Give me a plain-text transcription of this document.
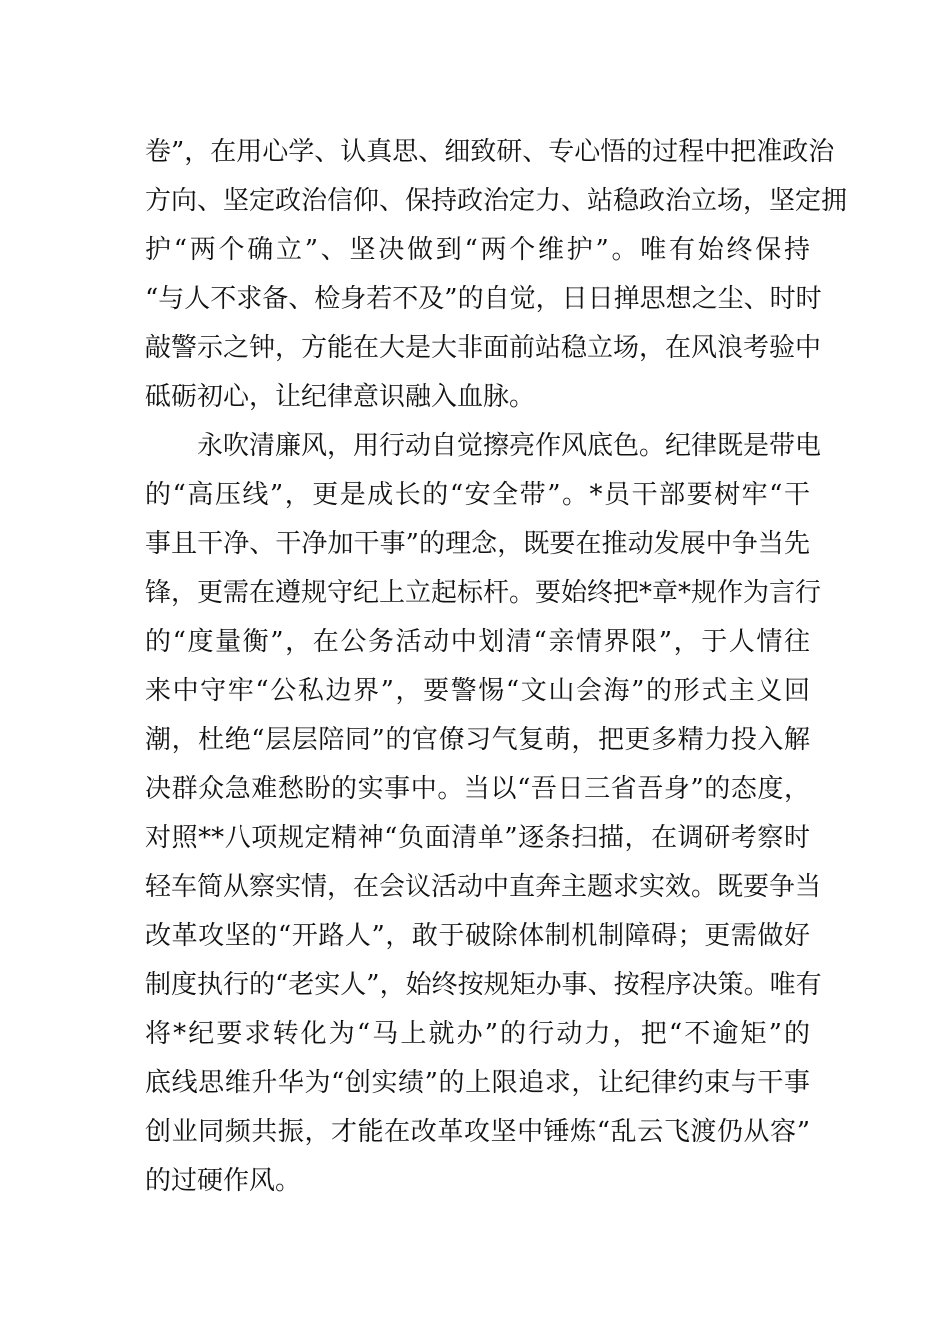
卷”，在用心学、认真思、细致研、专心悟的过程中把准政治
方向、坚定政治信仰、保持政治定力、站稳政治立场，坚定拥
护“两个确立”、坚决做到“两个维护”。唯有始终保持
“与人不求备、检身若不及”的自觉，日日掸思想之尘、时时
敲警示之钟，方能在大是大非面前站稳立场，在风浪考验中
砥砺初心，让纪律意识融入血脉。
永吹清廉风，用行动自觉擦亮作风底色。纪律既是带电
的“高压线”，更是成长的“安全带”。*员干部要树牢“干
事且干净、干净加干事”的理念，既要在推动发展中争当先
锋，更需在遵规守纪上立起标杆。要始终把*章*规作为言行
的“度量衡”，在公务活动中划清“亲情界限”，于人情往
来中守牢“公私边界”，要警惕“文山会海”的形式主义回
潮，杜绝“层层陪同”的官僚习气复萌，把更多精力投入解
决群众急难愁盼的实事中。当以“吾日三省吾身”的态度，
对照**八项规定精神“负面清单”逐条扫描，在调研考察时
轻车简从察实情，在会议活动中直奔主题求实效。既要争当
改革攻坚的“开路人”，敢于破除体制机制障碍；更需做好
制度执行的“老实人”，始终按规矩办事、按程序决策。唯有
将*纪要求转化为“马上就办”的行动力，把“不逾矩”的
底线思维升华为“创实绩”的上限追求，让纪律约束与干事
创业同频共振，才能在改革攻坚中锤炼“乱云飞渡仍从容”
的过硬作风。
